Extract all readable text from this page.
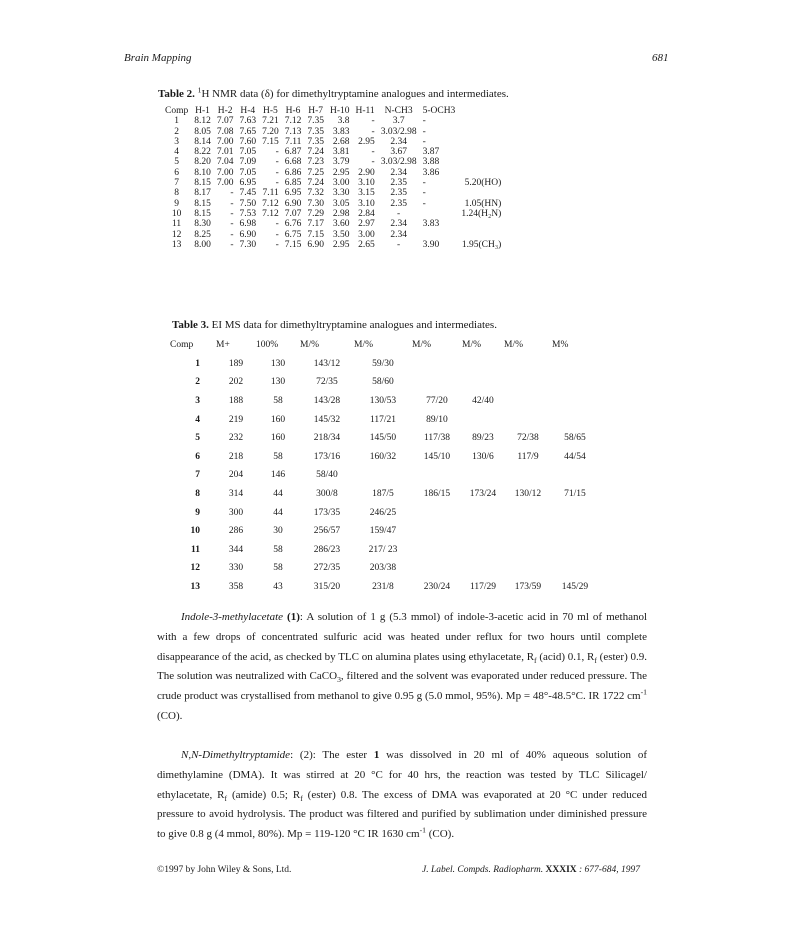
Brain Mapping	681
Table 2. $^1$H NMR data (δ) for dimethyltryptamine analogues and intermediates.
Comp	H-1	H-2	H-4	H-5	H-6	H-7	H-10	H-11	N-CH3	5-OCH3	
1	8.12	7.07	7.63	7.21	7.12	7.35	3.8	-	3.7	-	
2	8.05	7.08	7.65	7.20	7.13	7.35	3.83	-	3.03/2.98	-	
3	8.14	7.00	7.60	7.15	7.11	7.35	2.68	2.95	2.34	-	
4	8.22	7.01	7.05	-	6.87	7.24	3.81	-	3.67	3.87	
5	8.20	7.04	7.09	-	6.68	7.23	3.79	-	3.03/2.98	3.88	
6	8.10	7.00	7.05	-	6.86	7.25	2.95	2.90	2.34	3.86	
7	8.15	7.00	6.95	-	6.85	7.24	3.00	3.10	2.35	-	5.20(HO)
8	8.17	-	7.45	7.11	6.95	7.32	3.30	3.15	2.35	-	
9	8.15	-	7.50	7.12	6.90	7.30	3.05	3.10	2.35	-	1.05(HN)
10	8.15	-	7.53	7.12	7.07	7.29	2.98	2.84	-		1.24(H₂N)
11	8.30	-	6.98	-	6.76	7.17	3.60	2.97	2.34	3.83	
12	8.25	-	6.90	-	6.75	7.15	3.50	3.00	2.34		
13	8.00	-	7.30	-	7.15	6.90	2.95	2.65	-	3.90	1.95(CH₃)
Table 3. EI MS data for dimethyltryptamine analogues and intermediates.
Comp	M+	100%	M/%	M/%	M/%	M/%	M/%	M%
1	189	130	143/12	59/30				
2	202	130	72/35	58/60				
3	188	58	143/28	130/53	77/20	42/40		
4	219	160	145/32	117/21	89/10			
5	232	160	218/34	145/50	117/38	89/23	72/38	58/65
6	218	58	173/16	160/32	145/10	130/6	117/9	44/54
7	204	146	58/40					
8	314	44	300/8	187/5	186/15	173/24	130/12	71/15
9	300	44	173/35	246/25				
10	286	30	256/57	159/47				
11	344	58	286/23	217/ 23				
12	330	58	272/35	203/38				
13	358	43	315/20	231/8	230/24	117/29	173/59	145/29

Indole-3-methylacetate (1): A solution of 1 g (5.3 mmol) of indole-3-acetic acid in 70 ml of methanol with a few drops of concentrated sulfuric acid was heated under reflux for two hours until complete disappearance of the acid, as checked by TLC on alumina plates using ethylacetate, $R_f$ (acid) 0.1, $R_f$ (ester) 0.9. The solution was neutralized with CaCO$_3$, filtered and the solvent was evaporated under reduced pressure. The crude product was crystallised from methanol to give 0.95 g (5.0 mmol, 95%). Mp = 48°-48.5°C. IR 1722 $cm^{-1}$ (CO).

N,N-Dimethyltryptamide: (2): The ester 1 was dissolved in 20 ml of 40% aqueous solution of dimethylamine (DMA). It was stirred at 20 °C for 40 hrs, the reaction was tested by TLC Silicagel/ ethylacetate, $R_f$ (amide) 0.5; $R_f$ (ester) 0.8. The excess of DMA was evaporated at 20 °C under reduced pressure to avoid hydrolysis. The product was filtered and purified by sublimation under diminished pressure to give 0.8 g (4 mmol, 80%). Mp = 119-120 °C IR 1630 $cm^{-1}$ (CO).

©1997 by John Wiley & Sons, Ltd.	J. Label. Compds. Radiopharm. XXXIX : 677-684, 1997
